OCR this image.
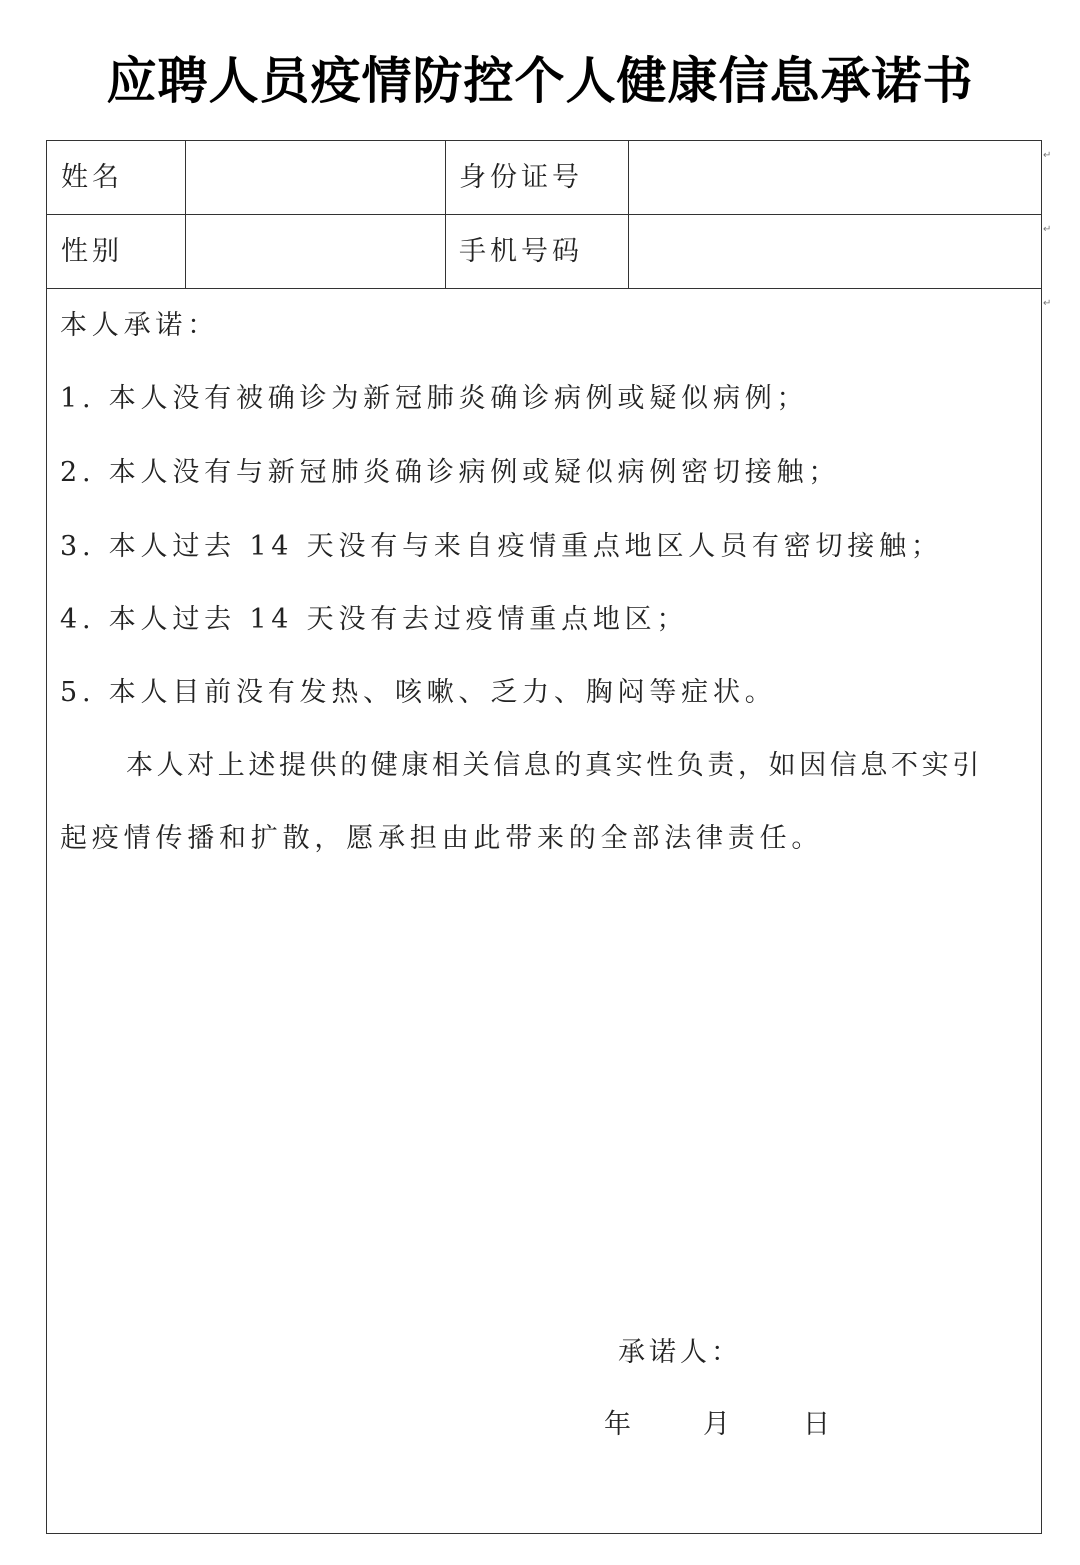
应聘人员疫情防控个人健康信息承诺书
姓名	身份证号
性别	手机号码
↵
↵
↵
本人承诺：
1. 本人没有被确诊为新冠肺炎确诊病例或疑似病例；
2. 本人没有与新冠肺炎确诊病例或疑似病例密切接触；
3. 本人过去 14 天没有与来自疫情重点地区人员有密切接触；
4. 本人过去 14 天没有去过疫情重点地区；
5. 本人目前没有发热、咳嗽、乏力、胸闷等症状。
本人对上述提供的健康相关信息的真实性负责，如因信息不实引
起疫情传播和扩散，愿承担由此带来的全部法律责任。
承诺人：
年	月	日
